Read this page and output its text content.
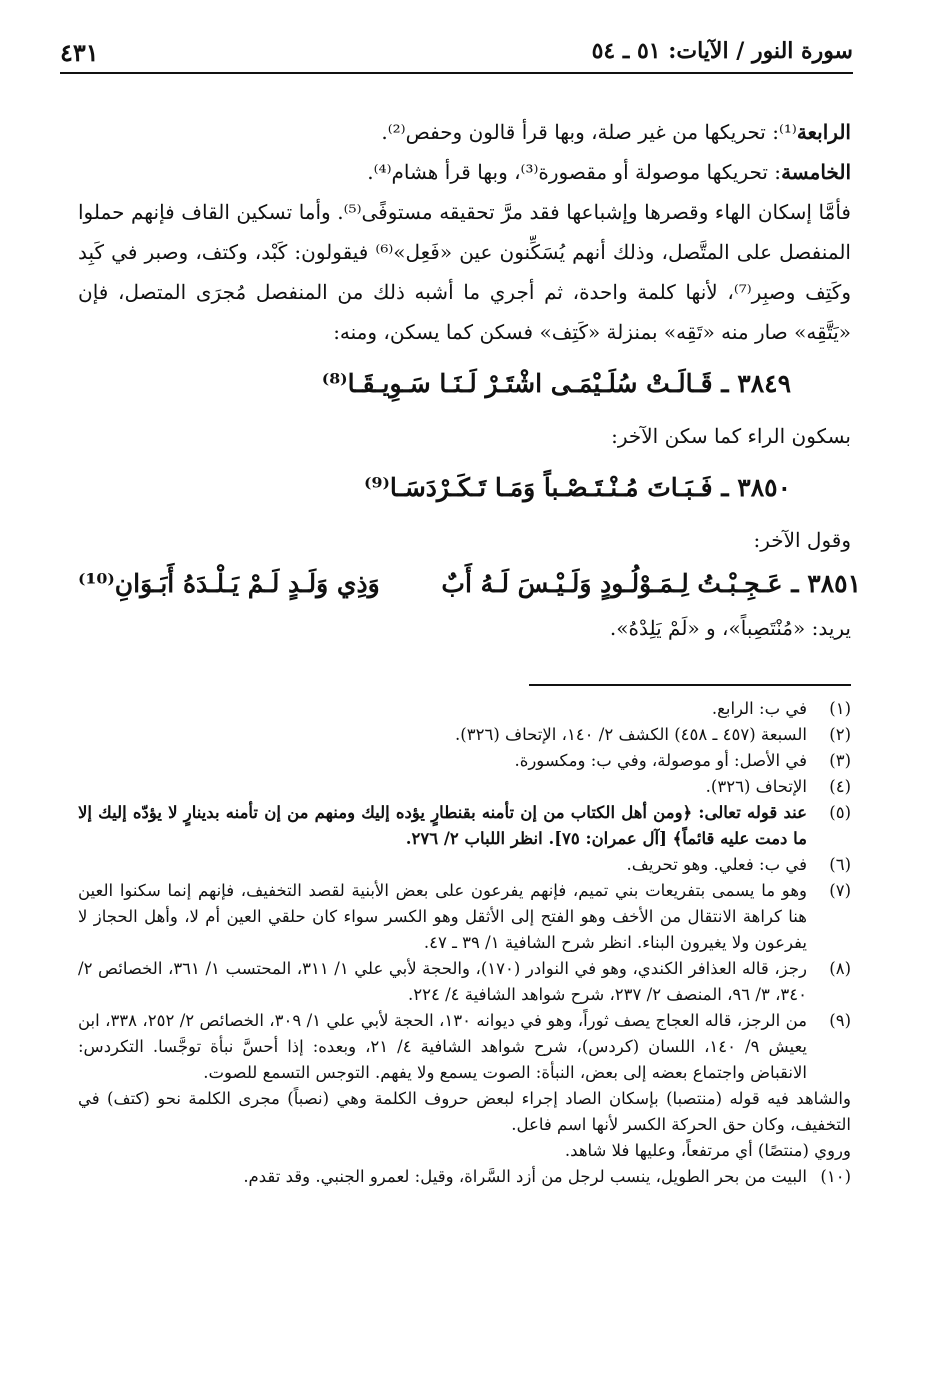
سورة النور / الآيات: ٥١ ـ ٥٤
٤٣١

الرابعة⁽¹⁾: تحريكها من غير صلة، وبها قرأ قالون وحفص⁽²⁾.

الخامسة: تحريكها موصولة أو مقصورة⁽³⁾، وبها قرأ هشام⁽⁴⁾.

فأمَّا إسكان الهاء وقصرها وإشباعها فقد مرَّ تحقيقه مستوفًى⁽⁵⁾. وأما تسكين القاف فإنهم حملوا المنفصل على المتَّصل، وذلك أنهم يُسَكِّنون عين «فَعِل»⁽⁶⁾ فيقولون: كَبْد، وكتف، وصبر في كَبِد وكَتِف وصبِر⁽⁷⁾، لأنها كلمة واحدة، ثم أجري ما أشبه ذلك من المنفصل مُجرَى المتصل، فإن «يَتَّقِه» صار منه «تَقِه» بمنزلة «كَتِف» فسكن كما يسكن، ومنه:

٣٨٤٩ ـ قَـالَـتْ سُلَـيْمَـى اشْتَـرْ لَـنَـا سَـوِيـقَـا⁽⁸⁾

بسكون الراء كما سكن الآخر:

٣٨٥٠ ـ فَـبَـاتَ مُـنْـتَـصْـباً وَمَـا تَـكَـرْدَسَـا⁽⁹⁾

وقول الآخر:

٣٨٥١ ـ عَـجِـبْـتُ لِـمَـوْلُـودٍ وَلَـيْـسَ لَـهُ أَبٌ
وَذِي وَلَـدٍ لَـمْ يَـلْـدَهُ أَبَـوَانِ⁽¹⁰⁾

يريد: «مُنْتَصِباً»، و «لَمْ يَلِدْهُ».

(١)
في ب: الرابع.
(٢)
السبعة (٤٥٧ ـ ٤٥٨) الكشف ٢/ ١٤٠، الإتحاف (٣٢٦).
(٣)
في الأصل: أو موصولة، وفي ب: ومكسورة.
(٤)
الإتحاف (٣٢٦).
(٥)
عند قوله تعالى: ﴿ومن أهل الكتاب من إن تأمنه بقنطارٍ يؤده إليك ومنهم من إن تأمنه بدينارٍ لا يؤدّه إليك إلا ما دمت عليه قائماً﴾ [آل عمران: ٧٥]. انظر اللباب ٢/ ٢٧٦.
(٦)
في ب: فعلي. وهو تحريف.
(٧)
وهو ما يسمى بتفريعات بني تميم، فإنهم يفرعون على بعض الأبنية لقصد التخفيف، فإنهم إنما سكنوا العين هنا كراهة الانتقال من الأخف وهو الفتح إلى الأثقل وهو الكسر سواء كان حلقي العين أم لا، وأهل الحجاز لا يفرعون ولا يغيرون البناء. انظر شرح الشافية ١/ ٣٩ ـ ٤٧.
(٨)
رجز، قاله العذافر الكندي، وهو في النوادر (١٧٠)، والحجة لأبي علي ١/ ٣١١، المحتسب ١/ ٣٦١، الخصائص ٢/ ٣٤٠، ٣/ ٩٦، المنصف ٢/ ٢٣٧، شرح شواهد الشافية ٤/ ٢٢٤.
(٩)
من الرجز، قاله العجاج يصف ثوراً، وهو في ديوانه ١٣٠، الحجة لأبي علي ١/ ٣٠٩، الخصائص ٢/ ٢٥٢، ٣٣٨، ابن يعيش ٩/ ١٤٠، اللسان (كردس)، شرح شواهد الشافية ٤/ ٢١، وبعده: إذا أحسَّ نبأة توجَّسا. التكردس: الانقباض واجتماع بعضه إلى بعض، النبأة: الصوت يسمع ولا يفهم. التوجس التسمع للصوت.
والشاهد فيه قوله (منتصبا) بإسكان الصاد إجراء لبعض حروف الكلمة وهي (نصباً) مجرى الكلمة نحو (كتف) في التخفيف، وكان حق الحركة الكسر لأنها اسم فاعل.
وروي (منتصًا) أي مرتفعاً، وعليها فلا شاهد.
(١٠)
البيت من بحر الطويل، ينسب لرجل من أزد السَّراة، وقيل: لعمرو الجنبي. وقد تقدم.
